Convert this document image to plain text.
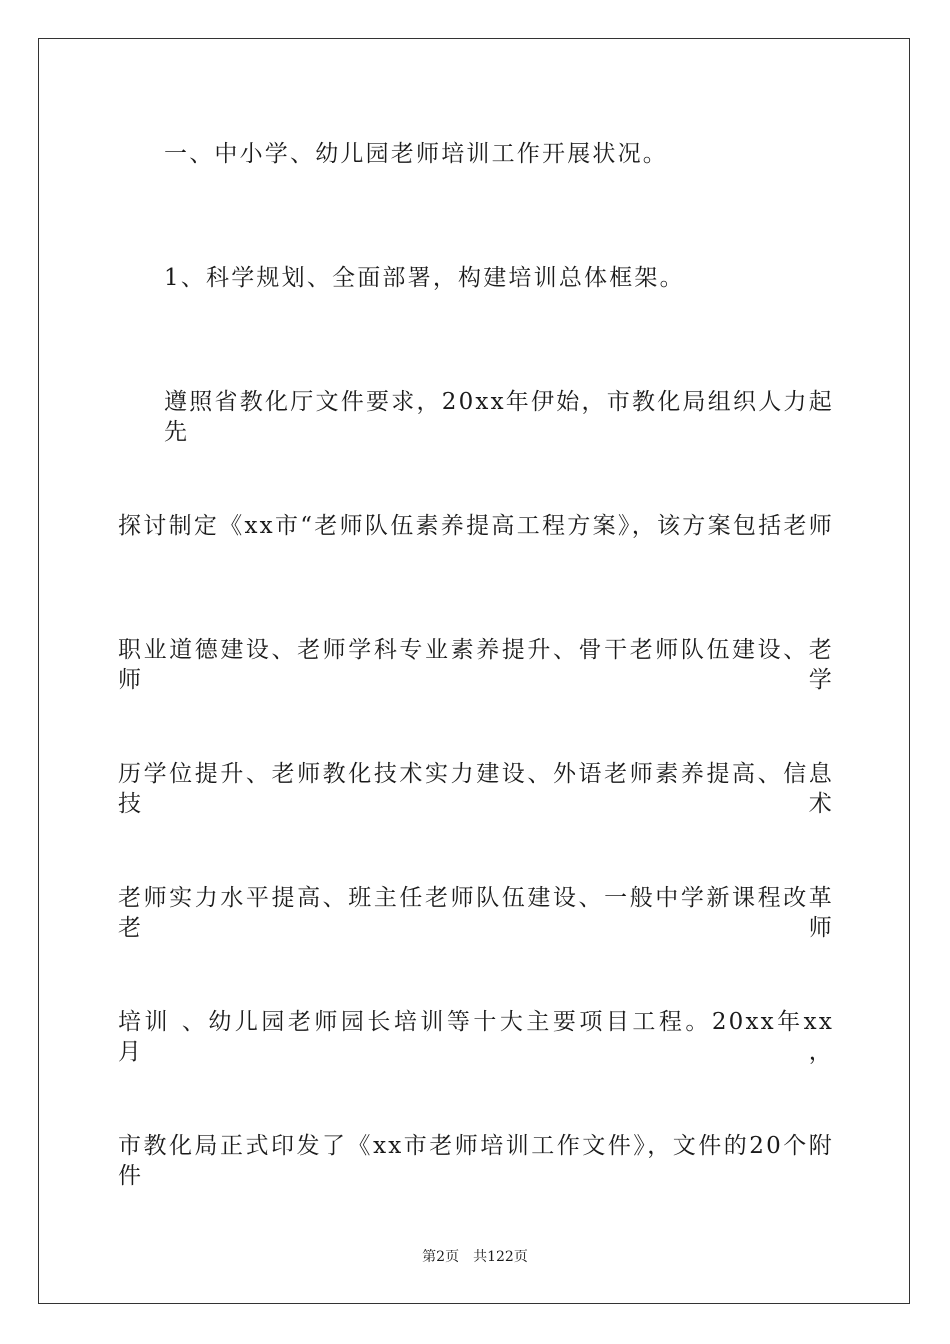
一、中小学、幼儿园老师培训工作开展状况。
1、科学规划、全面部署，构建培训总体框架。
遵照省教化厅文件要求，20xx年伊始，市教化局组织人力起先
探讨制定《xx市“老师队伍素养提高工程方案》，该方案包括老师
职业道德建设、老师学科专业素养提升、骨干老师队伍建设、老师学
历学位提升、老师教化技术实力建设、外语老师素养提高、信息技术
老师实力水平提高、班主任老师队伍建设、一般中学新课程改革老师
培训 、幼儿园老师园长培训等十大主要项目工程。20xx年xx月，
市教化局正式印发了《xx市老师培训工作文件》，文件的20个附件
第2页 共122页
